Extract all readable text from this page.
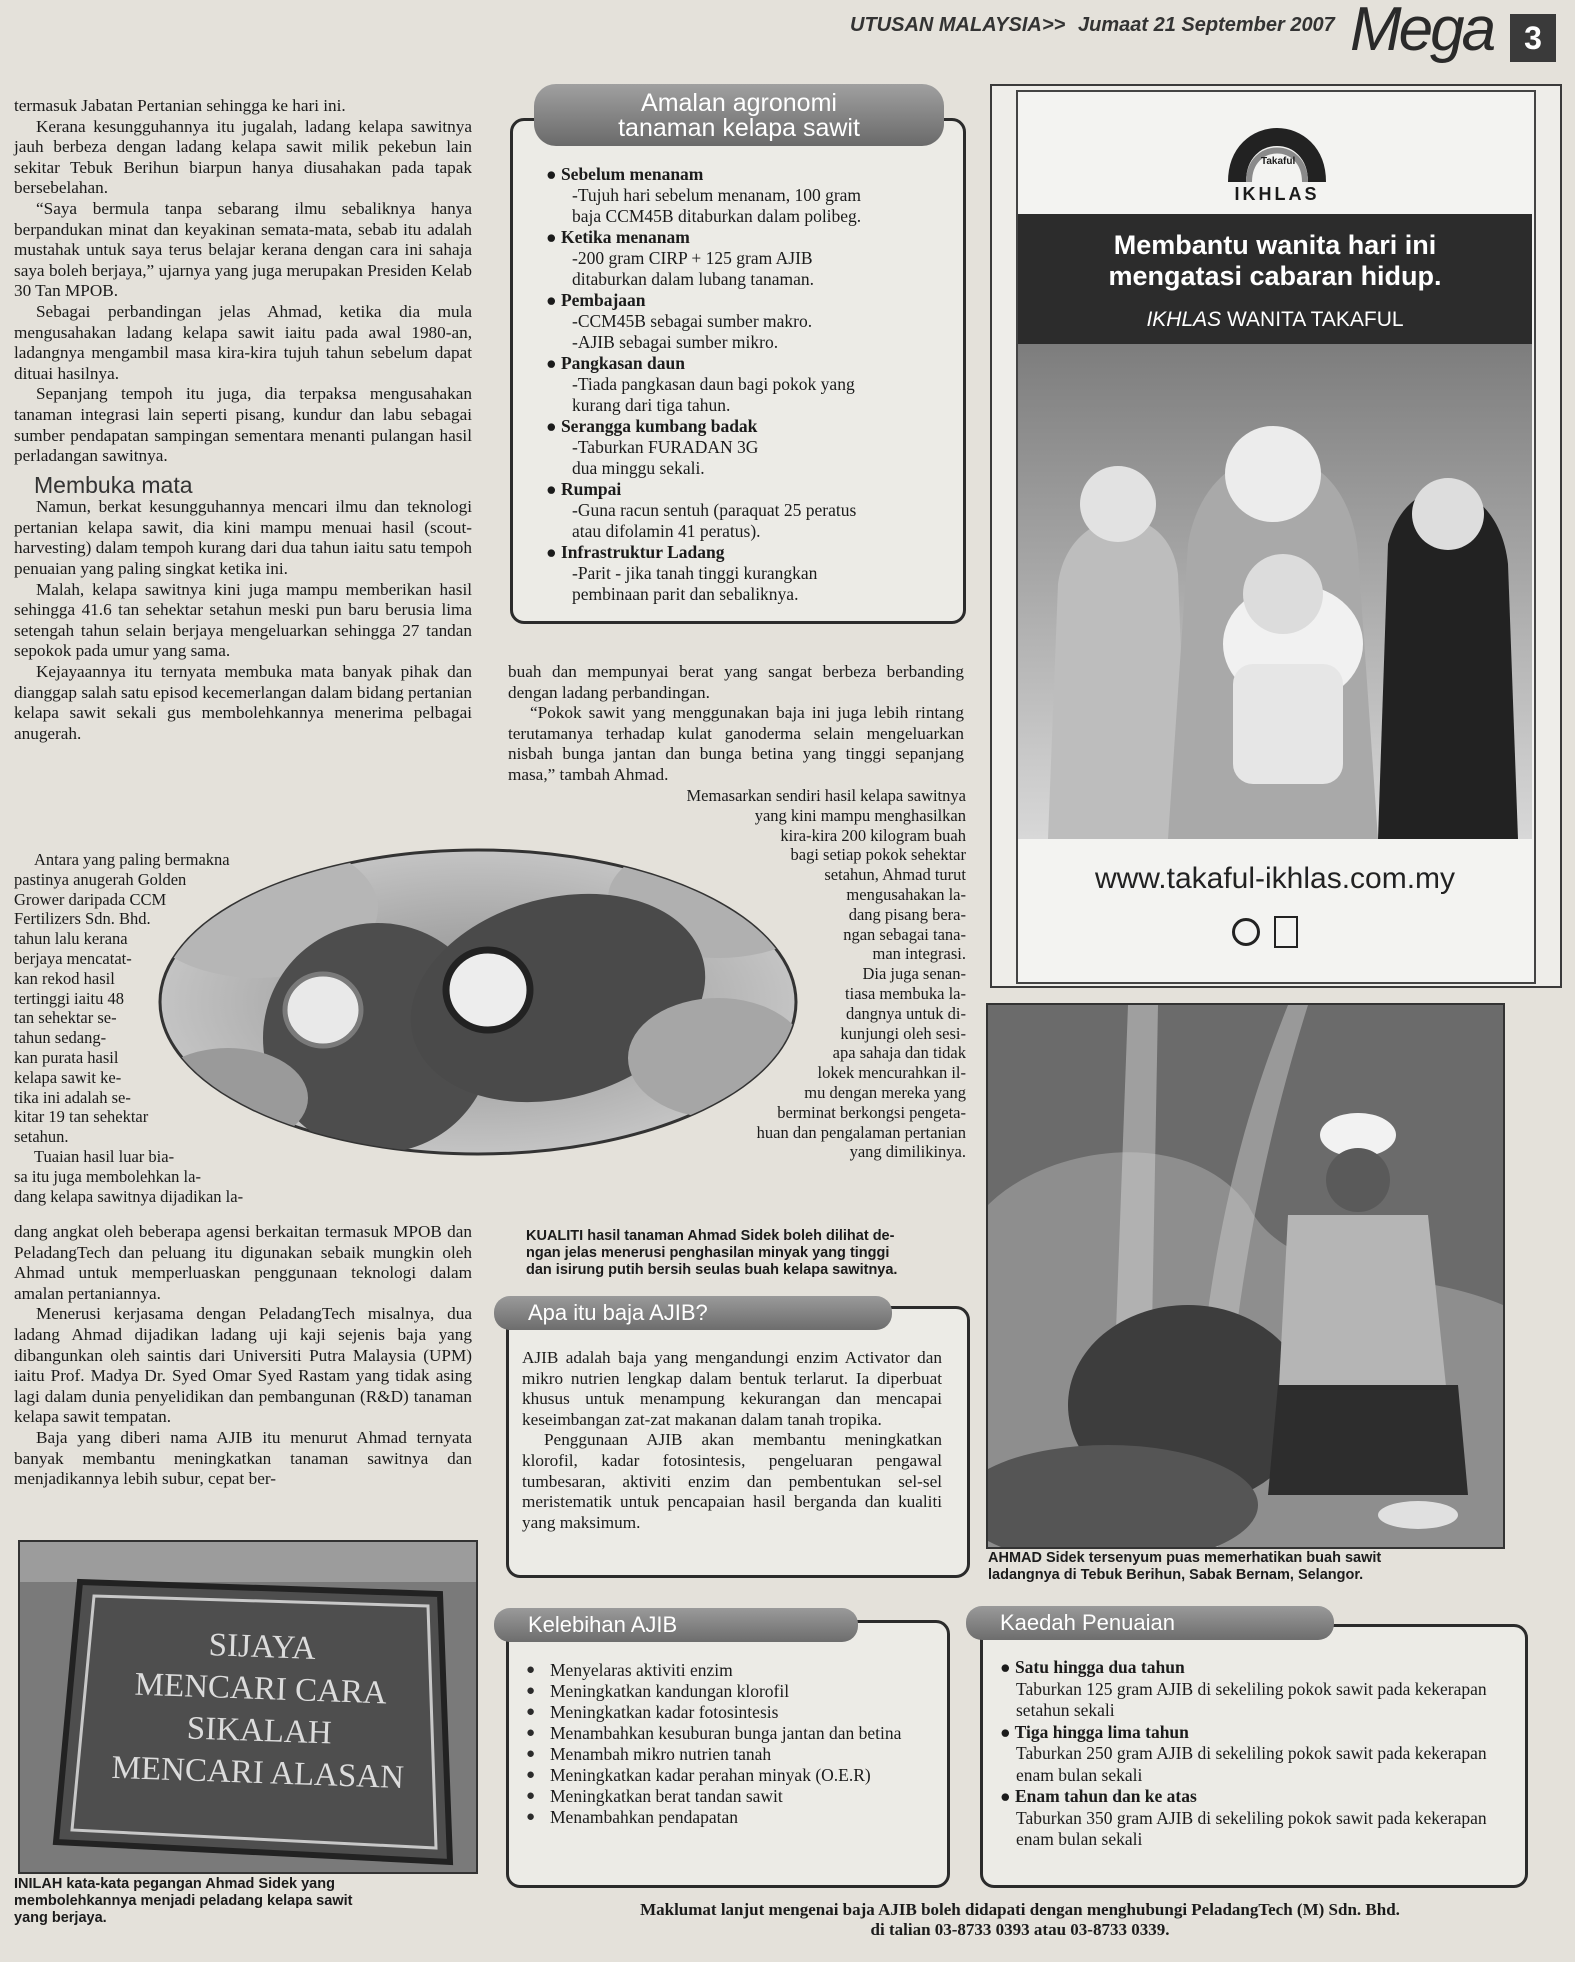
UTUSAN MALAYSIA >> Jumaat 21 September 2007 Mega 3

termasuk Jabatan Pertanian sehingga ke hari ini.

Kerana kesungguhannya itu jugalah, ladang kelapa sawitnya jauh berbeza dengan ladang kelapa sawit milik pekebun lain sekitar Tebuk Berihun biarpun hanya diusahakan pada tapak bersebelahan.

“Saya bermula tanpa sebarang ilmu sebaliknya hanya berpandukan minat dan keyakinan semata-mata, sebab itu adalah mustahak untuk saya terus belajar kerana dengan cara ini sahaja saya boleh berjaya,” ujarnya yang juga merupakan Presiden Kelab 30 Tan MPOB.

Sebagai perbandingan jelas Ahmad, ketika dia mula mengusahakan ladang kelapa sawit iaitu pada awal 1980-an, ladangnya mengambil masa kira-kira tujuh tahun sebelum dapat dituai hasilnya.

Sepanjang tempoh itu juga, dia terpaksa mengusahakan tanaman integrasi lain seperti pisang, kundur dan labu sebagai sumber pendapatan sampingan sementara menanti pulangan hasil perladangan sawitnya.

Membuka mata

Namun, berkat kesungguhannya mencari ilmu dan teknologi pertanian kelapa sawit, dia kini mampu menuai hasil (scout-harvesting) dalam tempoh kurang dari dua tahun iaitu satu tempoh penuaian yang paling singkat ketika ini.

Malah, kelapa sawitnya kini juga mampu memberikan hasil sehingga 41.6 tan sehektar setahun meski pun baru berusia lima setengah tahun selain berjaya mengeluarkan sehingga 27 tandan sepokok pada umur yang sama.

Kejayaannya itu ternyata membuka mata banyak pihak dan dianggap salah satu episod kecemerlangan dalam bidang pertanian kelapa sawit sekali gus membolehkannya menerima pelbagai anugerah.

Antara yang paling bermakna
pastinya anugerah Golden
Grower daripada CCM
Fertilizers Sdn. Bhd.
tahun lalu kerana
berjaya mencatat-
kan rekod hasil
tertinggi iaitu 48
tan sehektar se-
tahun sedang-
kan purata hasil
kelapa sawit ke-
tika ini adalah se-
kitar 19 tan sehektar
setahun.
Tuaian hasil luar bia-
sa itu juga membolehkan la-
dang kelapa sawitnya dijadikan la-

dang angkat oleh beberapa agensi berkaitan termasuk MPOB dan PeladangTech dan peluang itu digunakan sebaik mungkin oleh Ahmad untuk memperluaskan penggunaan teknologi dalam amalan pertaniannya.

Menerusi kerjasama dengan PeladangTech misalnya, dua ladang Ahmad dijadikan ladang uji kaji sejenis baja yang dibangunkan oleh saintis dari Universiti Putra Malaysia (UPM) iaitu Prof. Madya Dr. Syed Omar Syed Rastam yang tidak asing lagi dalam dunia penyelidikan dan pembangunan (R&D) tanaman kelapa sawit tempatan.

Baja yang diberi nama AJIB itu menurut Ahmad ternyata banyak membantu meningkatkan tanaman sawitnya dan menjadikannya lebih subur, cepat ber-

Amalan agronomi
tanaman kelapa sawit
● Sebelum menanam
-Tujuh hari sebelum menanam, 100 gram
baja CCM45B ditaburkan dalam polibeg.
● Ketika menanam
-200 gram CIRP + 125 gram AJIB
ditaburkan dalam lubang tanaman.
● Pembajaan
-CCM45B sebagai sumber makro.
-AJIB sebagai sumber mikro.
● Pangkasan daun
-Tiada pangkasan daun bagi pokok yang
kurang dari tiga tahun.
● Serangga kumbang badak
-Taburkan FURADAN 3G
dua minggu sekali.
● Rumpai
-Guna racun sentuh (paraquat 25 peratus
atau difolamin 41 peratus).
● Infrastruktur Ladang
-Parit - jika tanah tinggi kurangkan
pembinaan parit dan sebaliknya.

buah dan mempunyai berat yang sangat berbeza berbanding dengan ladang perbandingan.

“Pokok sawit yang menggunakan baja ini juga lebih rintang terutamanya terhadap kulat ganoderma selain mengeluarkan nisbah bunga jantan dan bunga betina yang tinggi sepanjang masa,” tambah Ahmad.

Memasarkan sendiri hasil kelapa sawitnya
yang kini mampu menghasilkan
kira-kira 200 kilogram buah
bagi setiap pokok sehektar
setahun, Ahmad turut
mengusahakan la-
dang pisang bera-
ngan sebagai tana-
man integrasi.
Dia juga senan-
tiasa membuka la-
dangnya untuk di-
kunjungi oleh sesi-
apa sahaja dan tidak
lokek mencurahkan il-
mu dengan mereka yang
berminat berkongsi pengeta-
huan dan pengalaman pertanian
yang dimilikinya.
KUALITI hasil tanaman Ahmad Sidek boleh dilihat de-
ngan jelas menerusi penghasilan minyak yang tinggi
dan isirung putih bersih seulas buah kelapa sawitnya.
Apa itu baja AJIB?

AJIB adalah baja yang mengandungi enzim Activator dan mikro nutrien lengkap dalam bentuk terlarut. Ia diperbuat khusus untuk menampung kekurangan dan mencapai keseimbangan zat-zat makanan dalam tanah tropika.

Penggunaan AJIB akan membantu meningkatkan klorofil, kadar fotosintesis, pengeluaran pengawal tumbesaran, aktiviti enzim dan pembentukan sel-sel meristematik untuk pencapaian hasil berganda dan kualiti yang maksimum.

Takaful
IKHLAS
Membantu wanita hari ini
mengatasi cabaran hidup.
IKHLAS WANITA TAKAFUL
www.takaful-ikhlas.com.my
AHMAD Sidek tersenyum puas memerhatikan buah sawit
ladangnya di Tebuk Berihun, Sabak Bernam, Selangor.
SIJAYA
MENCARI CARA
SIKALAH
MENCARI ALASAN
INILAH kata-kata pegangan Ahmad Sidek yang
membolehkannya menjadi peladang kelapa sawit
yang berjaya.
Kelebihan AJIB
● Menyelaras aktiviti enzim
● Meningkatkan kandungan klorofil
● Meningkatkan kadar fotosintesis
● Menambahkan kesuburan bunga jantan dan betina
● Menambah mikro nutrien tanah
● Meningkatkan kadar perahan minyak (O.E.R)
● Meningkatkan berat tandan sawit
● Menambahkan pendapatan
Kaedah Penuaian
● Satu hingga dua tahun
Taburkan 125 gram AJIB di sekeliling pokok sawit pada kekerapan setahun sekali
● Tiga hingga lima tahun
Taburkan 250 gram AJIB di sekeliling pokok sawit pada kekerapan enam bulan sekali
● Enam tahun dan ke atas
Taburkan 350 gram AJIB di sekeliling pokok sawit pada kekerapan enam bulan sekali
Maklumat lanjut mengenai baja AJIB boleh didapati dengan menghubungi PeladangTech (M) Sdn. Bhd.
di talian 03-8733 0393 atau 03-8733 0339.
